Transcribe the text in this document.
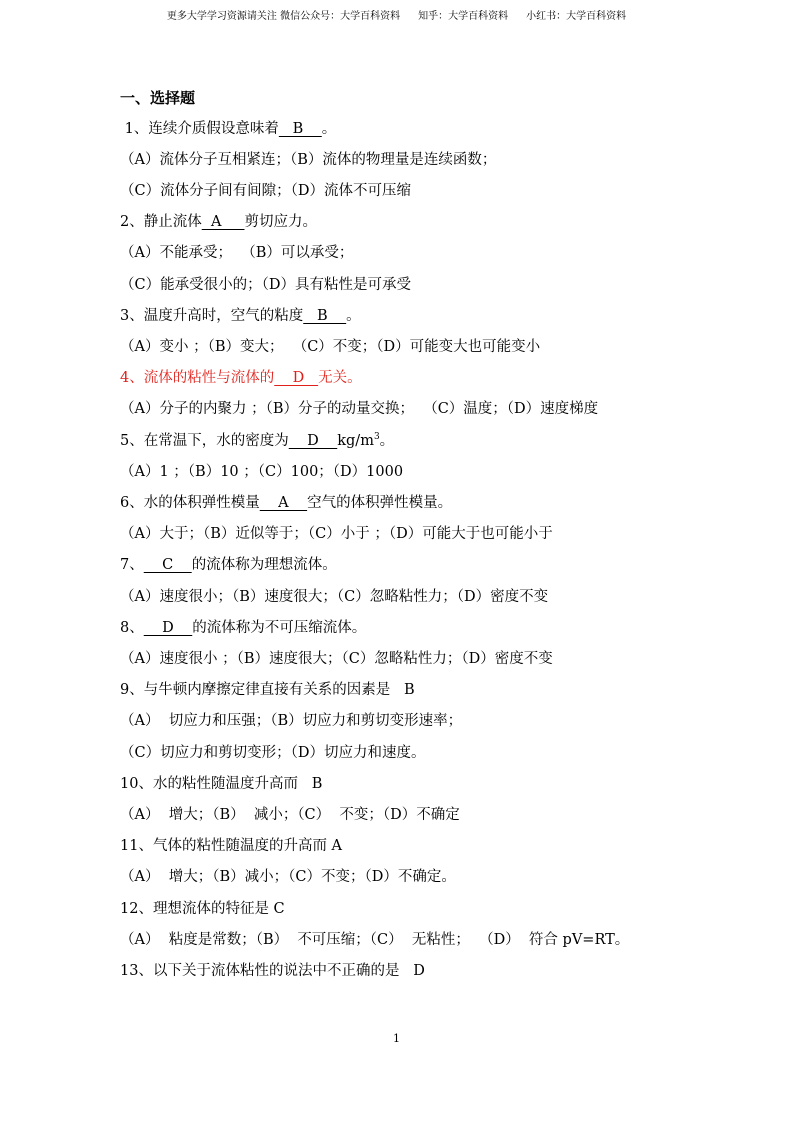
更多大学学习资源请关注 微信公众号：大学百科资料 知乎：大学百科资料 小红书：大学百科资料
一、选择题
1、连续介质假设意味着   B    。
（A）流体分子互相紧连；（B）流体的物理量是连续函数；
（C）流体分子间有间隙；（D）流体不可压缩
2、静止流体  A     剪切应力。
（A）不能承受；  （B）可以承受；
（C）能承受很小的；（D）具有粘性是可承受
3、温度升高时，空气的粘度   B    。
（A）变小 ；（B）变大；  （C）不变；（D）可能变大也可能变小
4、流体的粘性与流体的    D   无关。
（A）分子的内聚力 ；（B）分子的动量交换；  （C）温度；（D）速度梯度
5、在常温下，水的密度为    D    $kg/m^3$。
（A）1 ；（B）10 ；（C）100；（D）1000
6、水的体积弹性模量    A    空气的体积弹性模量。
（A）大于；（B）近似等于；（C）小于 ；（D）可能大于也可能小于
7、    C    的流体称为理想流体。
（A）速度很小；（B）速度很大；（C）忽略粘性力；（D）密度不变
8、    D    的流体称为不可压缩流体。
（A）速度很小 ；（B）速度很大；（C）忽略粘性力；（D）密度不变
9、与牛顿内摩擦定律直接有关系的因素是   B
（A）  切应力和压强；（B）切应力和剪切变形速率；
（C）切应力和剪切变形；（D）切应力和速度。
10、水的粘性随温度升高而   B
（A）  增大；（B）  减小；（C）  不变；（D）不确定
11、气体的粘性随温度的升高而 A
（A）  增大；（B）减小；（C）不变；（D）不确定。
12、理想流体的特征是 C
（A）  粘度是常数；（B）  不可压缩；（C）  无粘性；  （D）  符合 pV=RT。
13、以下关于流体粘性的说法中不正确的是   D
1
